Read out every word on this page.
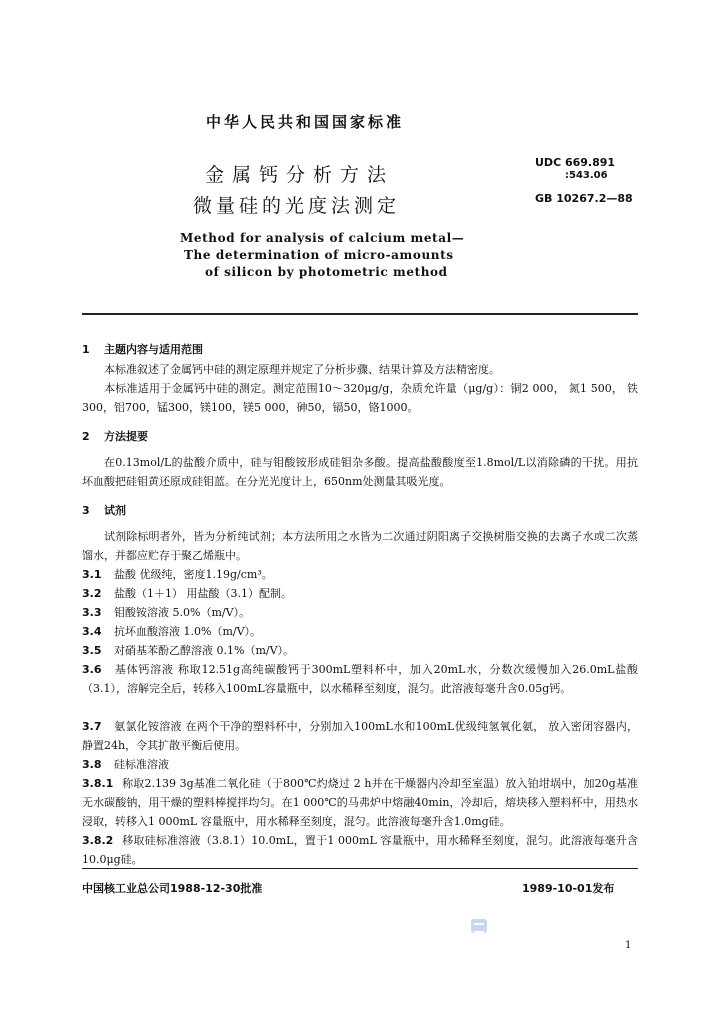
中华人民共和国国家标准
金属钙分析方法
微量硅的光度法测定
UDC 669.891
:543.06
GB 10267.2—88
Method for analysis of calcium metal—
The determination of micro-amounts
of silicon by photometric method
1 主题内容与适用范围
本标准叙述了金属钙中硅的测定原理并规定了分析步骤、结果计算及方法精密度。
本标准适用于金属钙中硅的测定。测定范围10～320μg/g，杂质允许量（μg/g）：铜2 000， 氮1 500， 铁300，铝700，锰300，镁100，镁5 000，砷50，镉50，铬1000。
2 方法提要
在0.13mol/L的盐酸介质中，硅与钼酸铵形成硅钼杂多酸。提高盐酸酸度至1.8mol/L以消除磷的干扰。用抗坏血酸把硅钼黄还原成硅钼蓝。在分光光度计上，650nm处测量其吸光度。
3 试剂
试剂除标明者外，皆为分析纯试剂；本方法所用之水皆为二次通过阴阳离子交换树脂交换的去离子水或二次蒸馏水，并都应贮存于聚乙烯瓶中。
3.1 盐酸 优级纯，密度1.19g/cm³。
3.2 盐酸（1＋1） 用盐酸（3.1）配制。
3.3 钼酸铵溶液 5.0%（m/V）。
3.4 抗坏血酸溶液 1.0%（m/V）。
3.5 对硝基苯酚乙醇溶液 0.1%（m/V）。
3.6 基体钙溶液 称取12.51g高纯碳酸钙于300mL塑料杯中，加入20mL水，分数次缓慢加入26.0mL盐酸（3.1），溶解完全后，转移入100mL容量瓶中，以水稀释至刻度，混匀。此溶液每毫升含0.05g钙。
3.7 氨氯化铵溶液 在两个干净的塑料杯中，分别加入100mL水和100mL优级纯氢氧化氨， 放入密闭容器内，静置24h，令其扩散平衡后使用。
3.8 硅标准溶液
3.8.1 称取2.139 3g基准二氧化硅（于800℃灼烧过 2 h并在干燥器内冷却至室温）放入铂坩埚中，加20g基准无水碳酸钠，用干燥的塑料棒搅拌均匀。在1 000℃的马弗炉中熔融40min，冷却后，熔块移入塑料杯中，用热水浸取，转移入1 000mL 容量瓶中，用水稀释至刻度，混匀。此溶液每毫升含1.0mg硅。
3.8.2 移取硅标准溶液（3.8.1）10.0mL，置于1 000mL 容量瓶中，用水稀释至刻度，混匀。此溶液每毫升含10.0μg硅。
中国核工业总公司1988-12-30批准	1989-10-01发布
1
